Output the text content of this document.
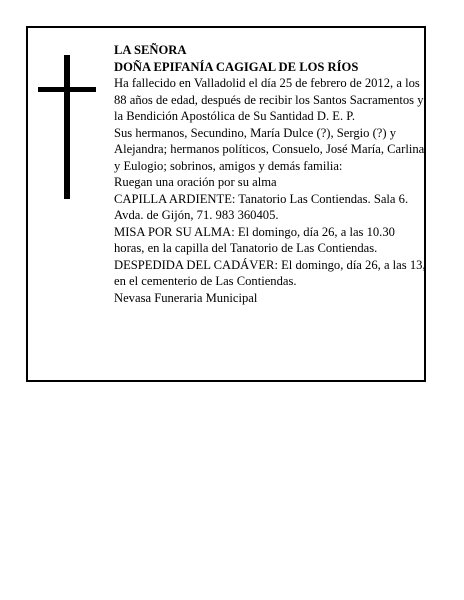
LA SEÑORA

DOÑA EPIFANÍA CAGIGAL DE LOS RÍOS

Ha fallecido en Valladolid el día 25 de febrero de 2012, a los 88 años de edad, después de recibir los Santos Sacramentos y la Bendición Apostólica de Su Santidad D. E. P.

Sus hermanos, Secundino, María Dulce (?), Sergio (?) y Alejandra; hermanos políticos, Consuelo, José María, Carlina y Eulogio; sobrinos, amigos y demás familia:

Ruegan una oración por su alma

CAPILLA ARDIENTE: Tanatorio Las Contiendas. Sala 6. Avda. de Gijón, 71. 983 360405.

MISA POR SU ALMA: El domingo, día 26, a las 10.30 horas, en la capilla del Tanatorio de Las Contiendas.

DESPEDIDA DEL CADÁVER: El domingo, día 26, a las 13, en el cementerio de Las Contiendas.

Nevasa Funeraria Municipal
